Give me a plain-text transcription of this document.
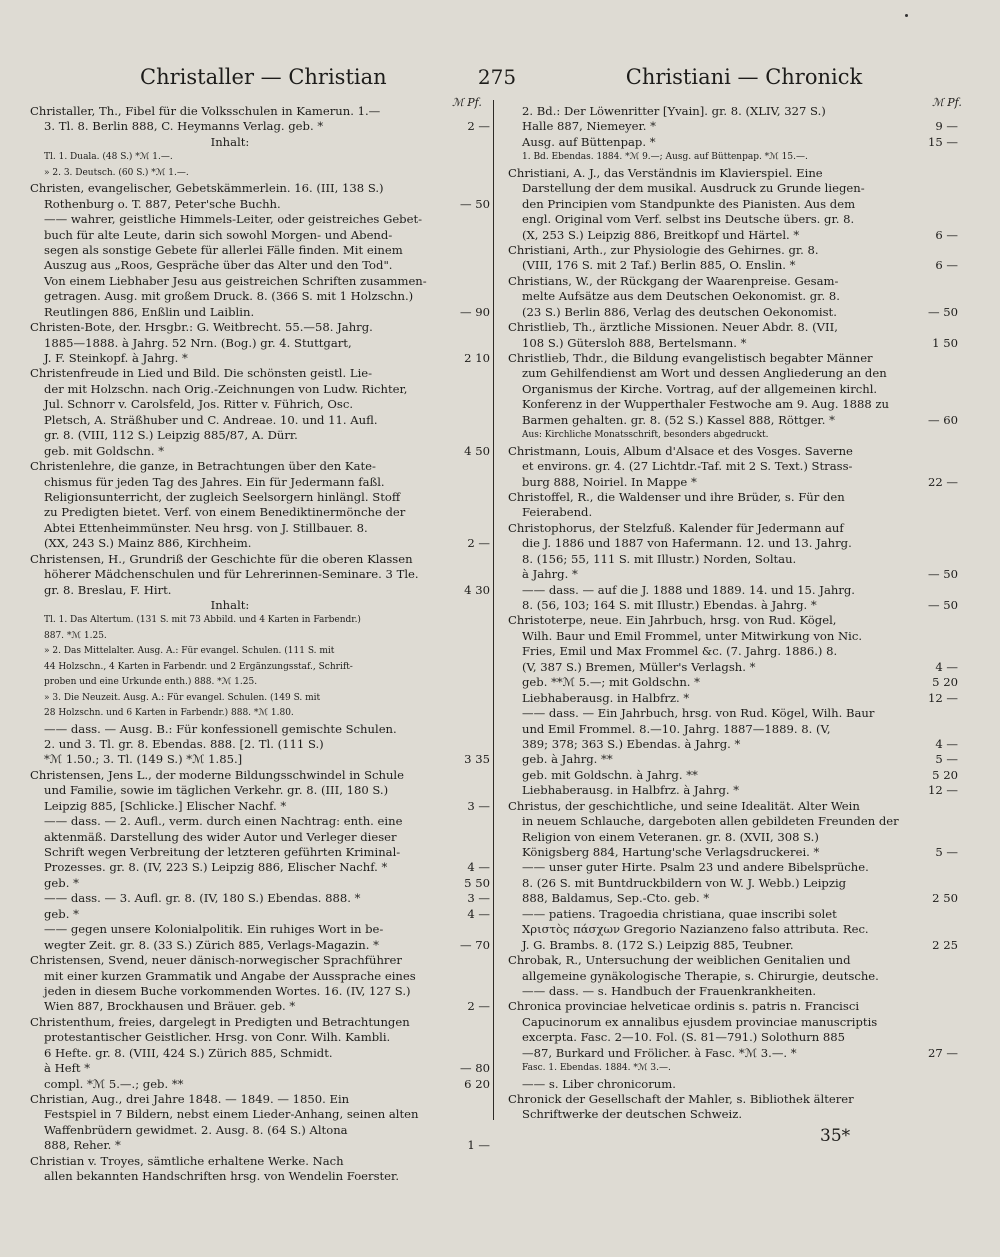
Christaller — Christian	275	Christiani — Chronick
ℳ Pf.	ℳ Pf.
Christaller, Th., Fibel für die Volksschulen in Kamerun. 1.—
3. Tl. 8. Berlin 888, C. Heymanns Verlag. geb. *	2 —
Inhalt:
Tl. 1. Duala. (48 S.) *ℳ 1.—.
» 2. 3. Deutsch. (60 S.) *ℳ 1.—.
Christen, evangelischer, Gebetskämmerlein. 16. (III, 138 S.)
Rothenburg o. T. 887, Peter'sche Buchh.	— 50
—— wahrer, geistliche Himmels-Leiter, oder geistreiches Gebet-
buch für alte Leute, darin sich sowohl Morgen- und Abend-
segen als sonstige Gebete für allerlei Fälle finden. Mit einem
Auszug aus „Roos, Gespräche über das Alter und den Tod".
Von einem Liebhaber Jesu aus geistreichen Schriften zusammen-
getragen. Ausg. mit großem Druck. 8. (366 S. mit 1 Holzschn.)
Reutlingen 886, Enßlin und Laiblin.	— 90
Christen-Bote, der. Hrsgbr.: G. Weitbrecht. 55.—58. Jahrg.
1885—1888. à Jahrg. 52 Nrn. (Bog.) gr. 4. Stuttgart,
J. F. Steinkopf. à Jahrg. *	2 10
Christenfreude in Lied und Bild. Die schönsten geistl. Lie-
der mit Holzschn. nach Orig.-Zeichnungen von Ludw. Richter,
Jul. Schnorr v. Carolsfeld, Jos. Ritter v. Führich, Osc.
Pletsch, A. Sträßhuber und C. Andreae. 10. und 11. Aufl.
gr. 8. (VIII, 112 S.) Leipzig 885/87, A. Dürr.
geb. mit Goldschn. *	4 50
Christenlehre, die ganze, in Betrachtungen über den Kate-
chismus für jeden Tag des Jahres. Ein für Jedermann faßl.
Religionsunterricht, der zugleich Seelsorgern hinlängl. Stoff
zu Predigten bietet. Verf. von einem Benediktinermönche der
Abtei Ettenheimmünster. Neu hrsg. von J. Stillbauer. 8.
(XX, 243 S.) Mainz 886, Kirchheim.	2 —
Christensen, H., Grundriß der Geschichte für die oberen Klassen
höherer Mädchenschulen und für Lehrerinnen-Seminare. 3 Tle.
gr. 8. Breslau, F. Hirt.	4 30
Inhalt:
Tl. 1. Das Altertum. (131 S. mit 73 Abbild. und 4 Karten in Farbendr.)
887. *ℳ 1.25.
» 2. Das Mittelalter. Ausg. A.: Für evangel. Schulen. (111 S. mit
44 Holzschn., 4 Karten in Farbendr. und 2 Ergänzungsstaf., Schrift-
proben und eine Urkunde enth.) 888. *ℳ 1.25.
» 3. Die Neuzeit. Ausg. A.: Für evangel. Schulen. (149 S. mit
28 Holzschn. und 6 Karten in Farbendr.) 888. *ℳ 1.80.
—— dass. — Ausg. B.: Für konfessionell gemischte Schulen.
2. und 3. Tl. gr. 8. Ebendas. 888. [2. Tl. (111 S.)
*ℳ 1.50.; 3. Tl. (149 S.) *ℳ 1.85.]	3 35
Christensen, Jens L., der moderne Bildungsschwindel in Schule
und Familie, sowie im täglichen Verkehr. gr. 8. (III, 180 S.)
Leipzig 885, [Schlicke.] Elischer Nachf. *	3 —
—— dass. — 2. Aufl., verm. durch einen Nachtrag: enth. eine
aktenmäß. Darstellung des wider Autor und Verleger dieser
Schrift wegen Verbreitung der letzteren geführten Kriminal-
Prozesses. gr. 8. (IV, 223 S.) Leipzig 886, Elischer Nachf. *	4 —
geb. *	5 50
—— dass. — 3. Aufl. gr. 8. (IV, 180 S.) Ebendas. 888. *	3 —
geb. *	4 —
—— gegen unsere Kolonialpolitik. Ein ruhiges Wort in be-
wegter Zeit. gr. 8. (33 S.) Zürich 885, Verlags-Magazin. *	— 70
Christensen, Svend, neuer dänisch-norwegischer Sprachführer
mit einer kurzen Grammatik und Angabe der Aussprache eines
jeden in diesem Buche vorkommenden Wortes. 16. (IV, 127 S.)
Wien 887, Brockhausen und Bräuer. geb. *	2 —
Christenthum, freies, dargelegt in Predigten und Betrachtungen
protestantischer Geistlicher. Hrsg. von Conr. Wilh. Kambli.
6 Hefte. gr. 8. (VIII, 424 S.) Zürich 885, Schmidt.
à Heft *	— 80
compl. *ℳ 5.—.; geb. **	6 20
Christian, Aug., drei Jahre 1848. — 1849. — 1850. Ein
Festspiel in 7 Bildern, nebst einem Lieder-Anhang, seinen alten
Waffenbrüdern gewidmet. 2. Ausg. 8. (64 S.) Altona
888, Reher. *	1 —
Christian v. Troyes, sämtliche erhaltene Werke. Nach
allen bekannten Handschriften hrsg. von Wendelin Foerster.
2. Bd.: Der Löwenritter [Yvain]. gr. 8. (XLIV, 327 S.)
Halle 887, Niemeyer. *	9 —
Ausg. auf Büttenpap. *	15 —
1. Bd. Ebendas. 1884. *ℳ 9.—; Ausg. auf Büttenpap. *ℳ 15.—.
Christiani, A. J., das Verständnis im Klavierspiel. Eine
Darstellung der dem musikal. Ausdruck zu Grunde liegen-
den Principien vom Standpunkte des Pianisten. Aus dem
engl. Original vom Verf. selbst ins Deutsche übers. gr. 8.
(X, 253 S.) Leipzig 886, Breitkopf und Härtel. *	6 —
Christiani, Arth., zur Physiologie des Gehirnes. gr. 8.
(VIII, 176 S. mit 2 Taf.) Berlin 885, O. Enslin. *	6 —
Christians, W., der Rückgang der Waarenpreise. Gesam-
melte Aufsätze aus dem Deutschen Oekonomist. gr. 8.
(23 S.) Berlin 886, Verlag des deutschen Oekonomist.	— 50
Christlieb, Th., ärztliche Missionen. Neuer Abdr. 8. (VII,
108 S.) Gütersloh 888, Bertelsmann. *	1 50
Christlieb, Thdr., die Bildung evangelistisch begabter Männer
zum Gehilfendienst am Wort und dessen Angliederung an den
Organismus der Kirche. Vortrag, auf der allgemeinen kirchl.
Konferenz in der Wupperthaler Festwoche am 9. Aug. 1888 zu
Barmen gehalten. gr. 8. (52 S.) Kassel 888, Röttger. *	— 60
Aus: Kirchliche Monatsschrift, besonders abgedruckt.
Christmann, Louis, Album d'Alsace et des Vosges. Saverne
et environs. gr. 4. (27 Lichtdr.-Taf. mit 2 S. Text.) Strass-
burg 888, Noiriel. In Mappe *	22 —
Christoffel, R., die Waldenser und ihre Brüder, s. Für den
Feierabend.
Christophorus, der Stelzfuß. Kalender für Jedermann auf
die J. 1886 und 1887 von Hafermann. 12. und 13. Jahrg.
8. (156; 55, 111 S. mit Illustr.) Norden, Soltau.
à Jahrg. *	— 50
—— dass. — auf die J. 1888 und 1889. 14. und 15. Jahrg.
8. (56, 103; 164 S. mit Illustr.) Ebendas. à Jahrg. *	— 50
Christoterpe, neue. Ein Jahrbuch, hrsg. von Rud. Kögel,
Wilh. Baur und Emil Frommel, unter Mitwirkung von Nic.
Fries, Emil und Max Frommel &c. (7. Jahrg. 1886.) 8.
(V, 387 S.) Bremen, Müller's Verlagsh. *	4 —
geb. **ℳ 5.—; mit Goldschn. *	5 20
Liebhaberausg. in Halbfrz. *	12 —
—— dass. — Ein Jahrbuch, hrsg. von Rud. Kögel, Wilh. Baur
und Emil Frommel. 8.—10. Jahrg. 1887—1889. 8. (V,
389; 378; 363 S.) Ebendas. à Jahrg. *	4 —
geb. à Jahrg. **	5 —
geb. mit Goldschn. à Jahrg. **	5 20
Liebhaberausg. in Halbfrz. à Jahrg. *	12 —
Christus, der geschichtliche, und seine Idealität. Alter Wein
in neuem Schlauche, dargeboten allen gebildeten Freunden der
Religion von einem Veteranen. gr. 8. (XVII, 308 S.)
Königsberg 884, Hartung'sche Verlagsdruckerei. *	5 —
—— unser guter Hirte. Psalm 23 und andere Bibelsprüche.
8. (26 S. mit Buntdruckbildern von W. J. Webb.) Leipzig
888, Baldamus, Sep.-Cto. geb. *	2 50
—— patiens. Tragoedia christiana, quae inscribi solet
Χριστὸς πάσχων Gregorio Nazianzeno falso attributa. Rec.
J. G. Brambs. 8. (172 S.) Leipzig 885, Teubner.	2 25
Chrobak, R., Untersuchung der weiblichen Genitalien und
allgemeine gynäkologische Therapie, s. Chirurgie, deutsche.
—— dass. — s. Handbuch der Frauenkrankheiten.
Chronica provinciae helveticae ordinis s. patris n. Francisci
Capucinorum ex annalibus ejusdem provinciae manuscriptis
excerpta. Fasc. 2—10. Fol. (S. 81—791.) Solothurn 885
—87, Burkard und Frölicher. à Fasc. *ℳ 3.—. *	27 —
Fasc. 1. Ebendas. 1884. *ℳ 3.—.
—— s. Liber chronicorum.
Chronick der Gesellschaft der Mahler, s. Bibliothek älterer
Schriftwerke der deutschen Schweiz.
35*
